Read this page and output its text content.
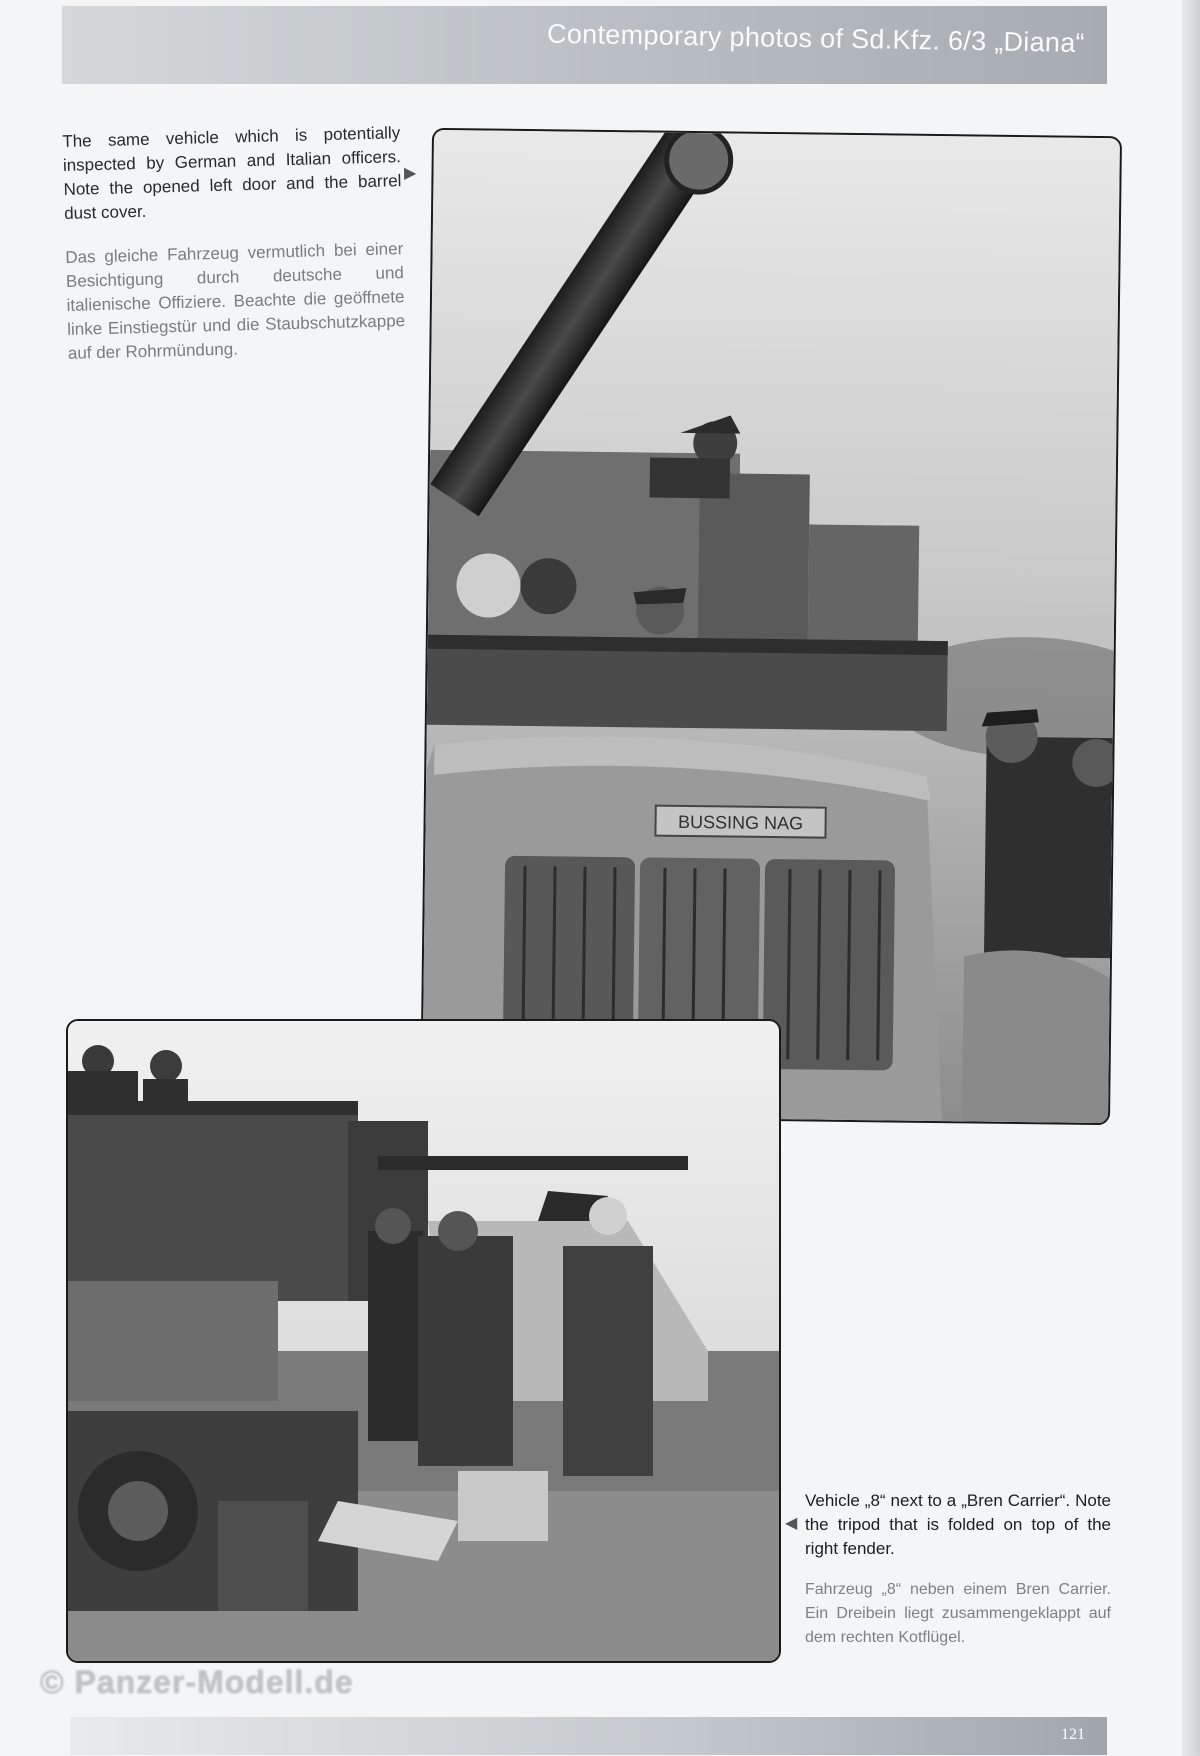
Contemporary photos of Sd.Kfz. 6/3 „Diana“

The same vehicle which is potentially inspected by German and Italian officers. Note the opened left door and the barrel dust cover.

Das gleiche Fahrzeug vermutlich bei einer Besichtigung durch deutsche und italienische Offiziere. Beachte die geöffnete linke Einstiegstür und die Staubschutzkappe auf der Rohrmündung.

▶
BUSSING NAG
◀

Vehicle „8“ next to a „Bren Carrier“. Note the tripod that is folded on top of the right fender.

Fahrzeug „8“ neben einem Bren Carrier. Ein Dreibein liegt zusammengeklappt auf dem rechten Kotflügel.

© Panzer-Modell.de
121
